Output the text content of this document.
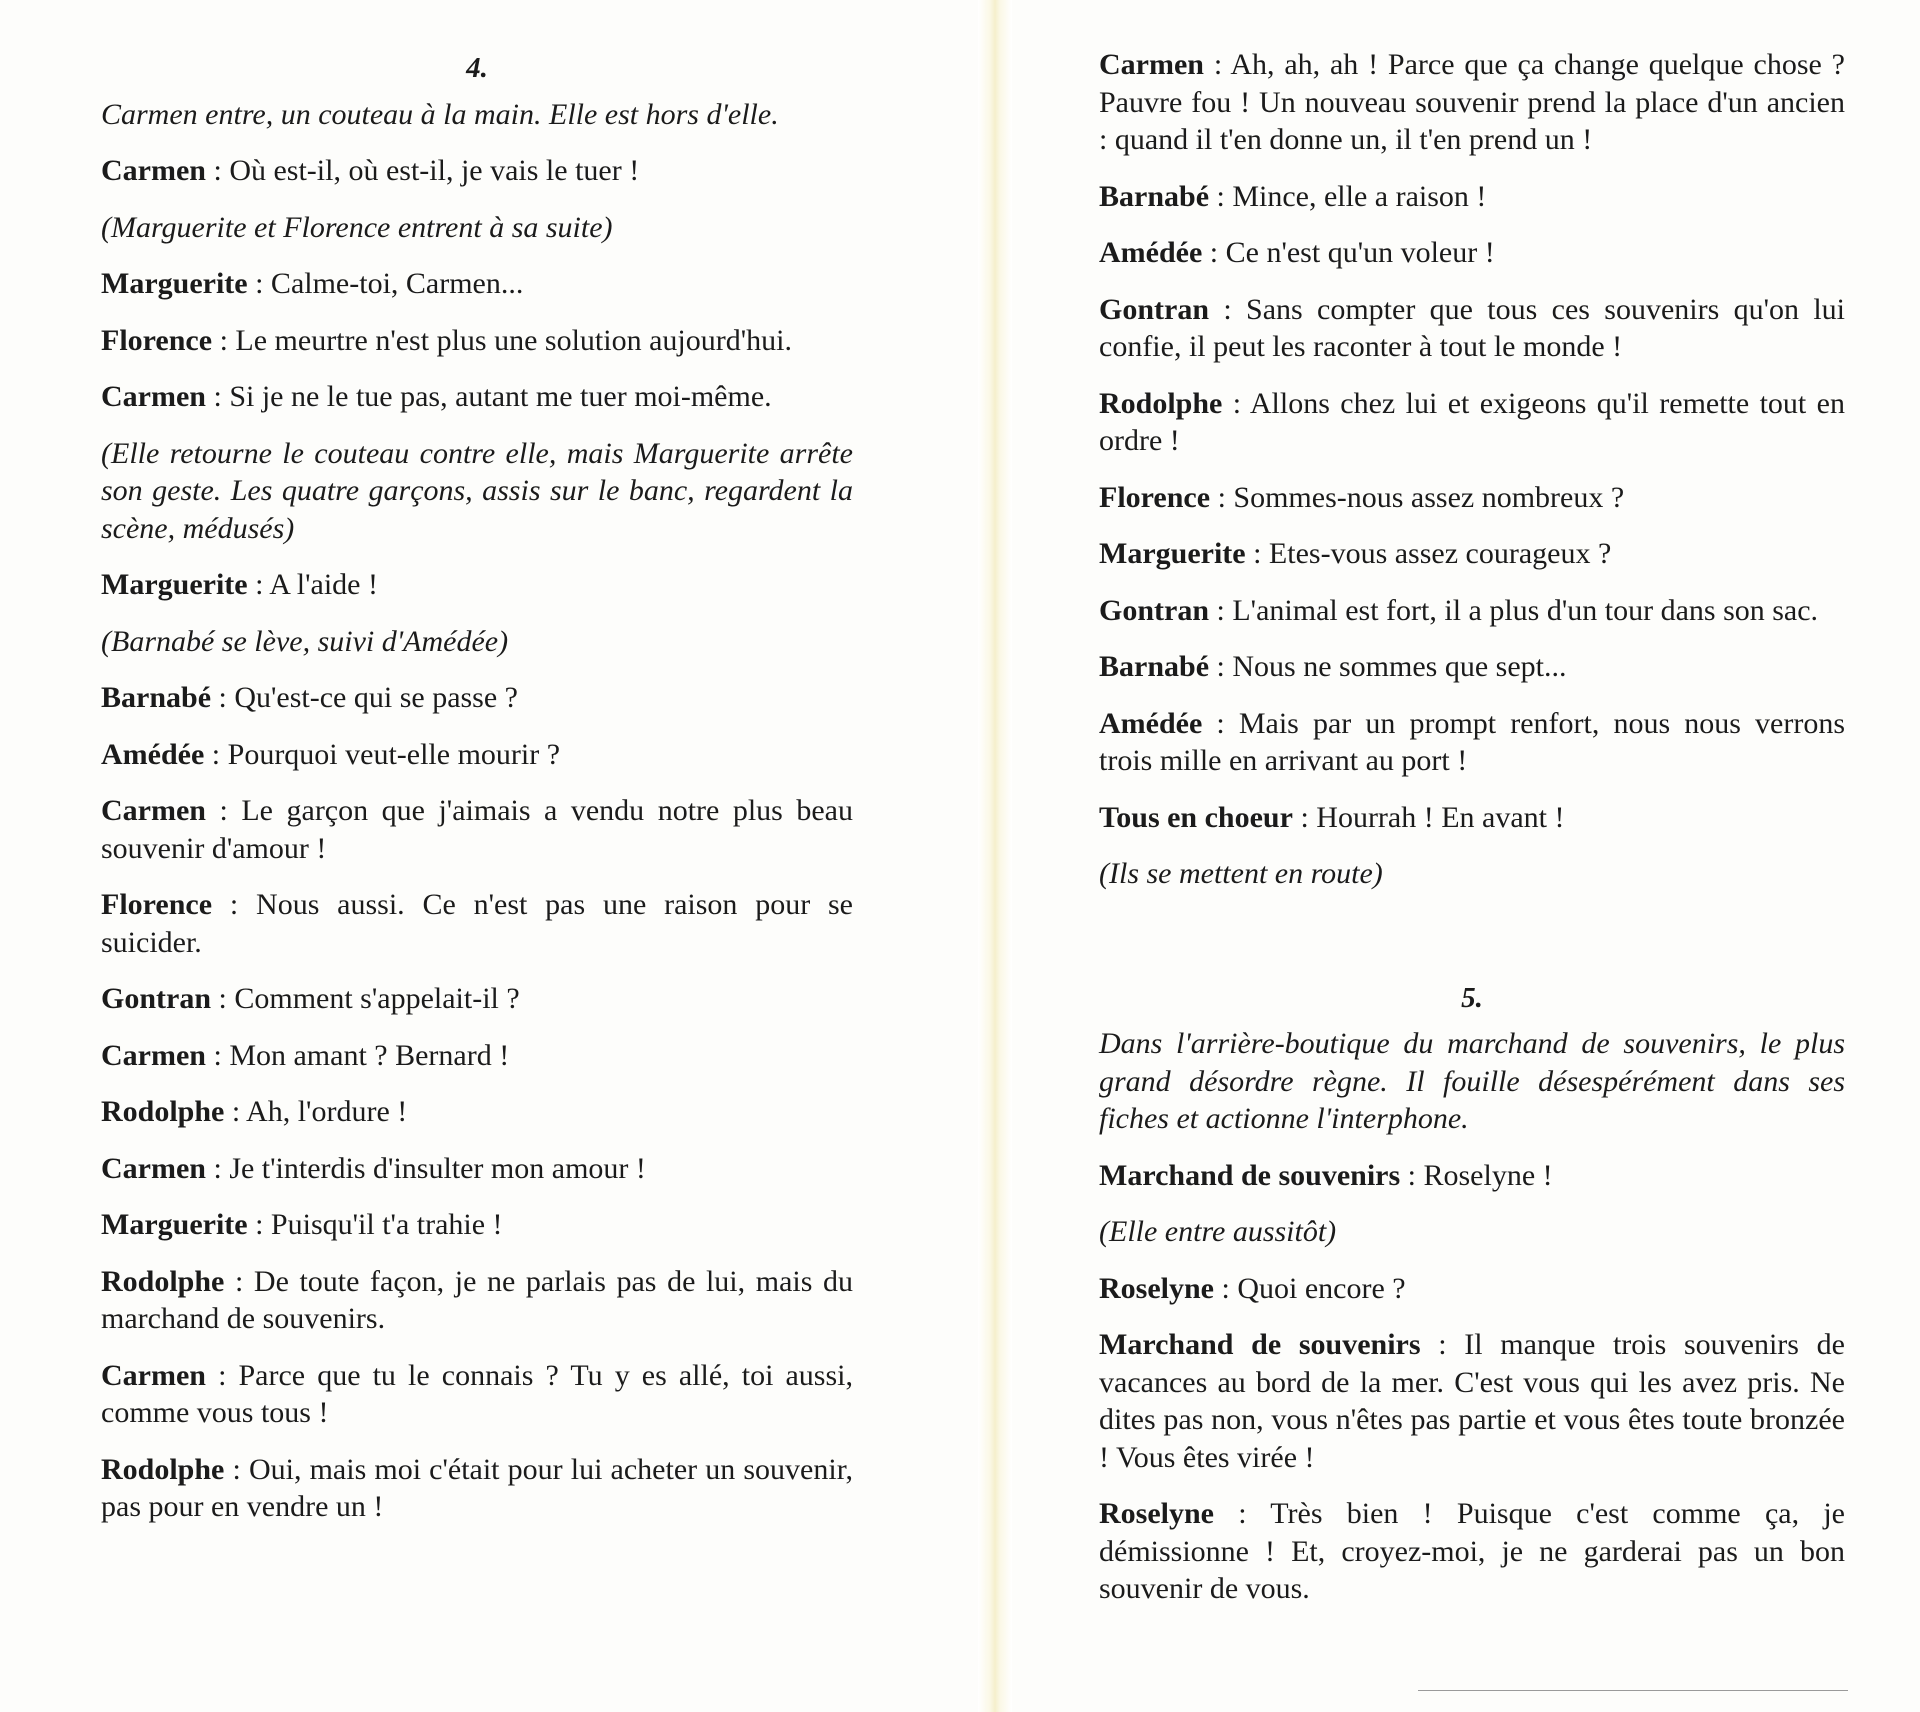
4.

Carmen entre, un couteau à la main. Elle est hors d'elle.

Carmen : Où est-il, où est-il, je vais le tuer !

(Marguerite et Florence entrent à sa suite)

Marguerite : Calme-toi, Carmen...

Florence : Le meurtre n'est plus une solution aujourd'hui.

Carmen : Si je ne le tue pas, autant me tuer moi-même.

(Elle retourne le couteau contre elle, mais Marguerite arrête son geste. Les quatre garçons, assis sur le banc, regardent la scène, médusés)

Marguerite : A l'aide !

(Barnabé se lève, suivi d'Amédée)

Barnabé : Qu'est-ce qui se passe ?

Amédée : Pourquoi veut-elle mourir ?

Carmen : Le garçon que j'aimais a vendu notre plus beau souvenir d'amour !

Florence : Nous aussi. Ce n'est pas une raison pour se suicider.

Gontran : Comment s'appelait-il ?

Carmen : Mon amant ? Bernard !

Rodolphe : Ah, l'ordure !

Carmen : Je t'interdis d'insulter mon amour !

Marguerite : Puisqu'il t'a trahie !

Rodolphe : De toute façon, je ne parlais pas de lui, mais du marchand de souvenirs.

Carmen : Parce que tu le connais ? Tu y es allé, toi aussi, comme vous tous !

Rodolphe : Oui, mais moi c'était pour lui acheter un souvenir, pas pour en vendre un !

Carmen : Ah, ah, ah ! Parce que ça change quelque chose ? Pauvre fou ! Un nouveau souvenir prend la place d'un ancien : quand il t'en donne un, il t'en prend un !

Barnabé : Mince, elle a raison !

Amédée : Ce n'est qu'un voleur !

Gontran : Sans compter que tous ces souvenirs qu'on lui confie, il peut les raconter à tout le monde !

Rodolphe : Allons chez lui et exigeons qu'il remette tout en ordre !

Florence : Sommes-nous assez nombreux ?

Marguerite : Etes-vous assez courageux ?

Gontran : L'animal est fort, il a plus d'un tour dans son sac.

Barnabé : Nous ne sommes que sept...

Amédée : Mais par un prompt renfort, nous nous verrons trois mille en arrivant au port !

Tous en choeur : Hourrah ! En avant !

(Ils se mettent en route)

5.

Dans l'arrière-boutique du marchand de souvenirs, le plus grand désordre règne. Il fouille désespérément dans ses fiches et actionne l'interphone.

Marchand de souvenirs : Roselyne !

(Elle entre aussitôt)

Roselyne : Quoi encore ?

Marchand de souvenirs : Il manque trois souvenirs de vacances au bord de la mer. C'est vous qui les avez pris. Ne dites pas non, vous n'êtes pas partie et vous êtes toute bronzée ! Vous êtes virée !

Roselyne : Très bien ! Puisque c'est comme ça, je démissionne ! Et, croyez-moi, je ne garderai pas un bon souvenir de vous.
